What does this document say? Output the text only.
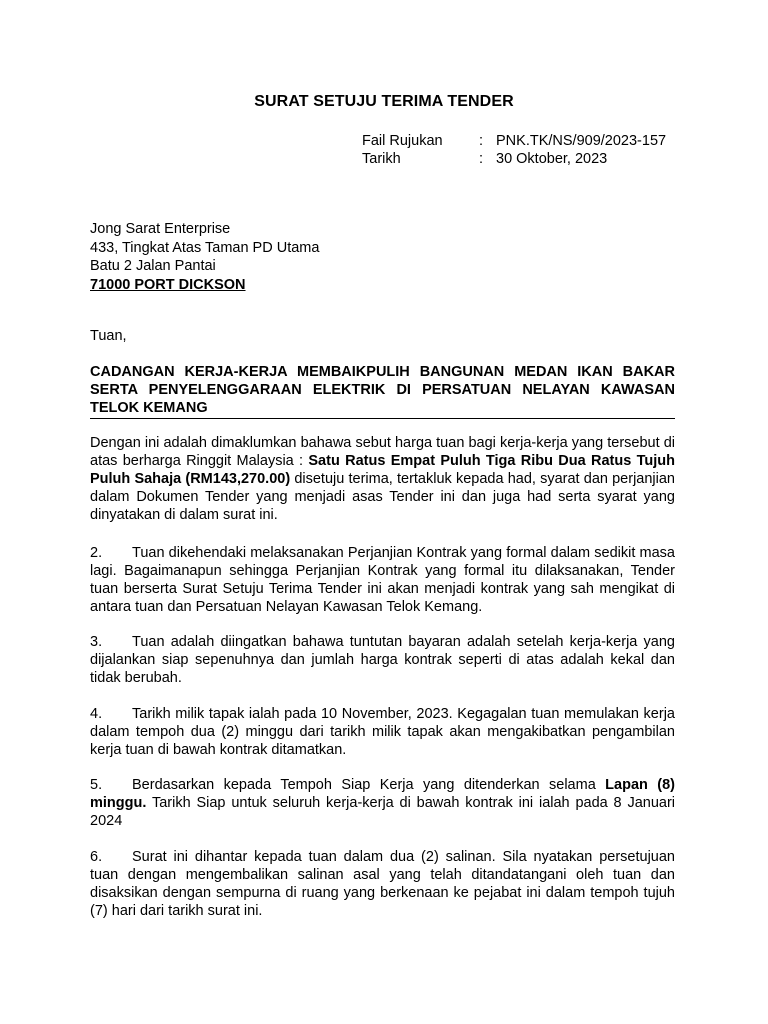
SURAT SETUJU TERIMA TENDER
Fail Rujukan	: PNK.TK/NS/909/2023-157
Tarikh	: 30 Oktober, 2023
Jong Sarat Enterprise
433, Tingkat Atas Taman PD Utama
Batu 2 Jalan Pantai
71000 PORT DICKSON
Tuan,
CADANGAN KERJA-KERJA MEMBAIKPULIH BANGUNAN MEDAN IKAN BAKAR SERTA PENYELENGGARAAN ELEKTRIK DI PERSATUAN NELAYAN KAWASAN TELOK KEMANG

Dengan ini adalah dimaklumkan bahawa sebut harga tuan bagi kerja-kerja yang tersebut di atas berharga Ringgit Malaysia : Satu Ratus Empat Puluh Tiga Ribu Dua Ratus Tujuh Puluh Sahaja (RM143,270.00) disetuju terima, tertakluk kepada had, syarat dan perjanjian dalam Dokumen Tender yang menjadi asas Tender ini dan juga had serta syarat yang dinyatakan di dalam surat ini.

2. Tuan dikehendaki melaksanakan Perjanjian Kontrak yang formal dalam sedikit masa lagi. Bagaimanapun sehingga Perjanjian Kontrak yang formal itu dilaksanakan, Tender tuan berserta Surat Setuju Terima Tender ini akan menjadi kontrak yang sah mengikat di antara tuan dan Persatuan Nelayan Kawasan Telok Kemang.

3. Tuan adalah diingatkan bahawa tuntutan bayaran adalah setelah kerja-kerja yang dijalankan siap sepenuhnya dan jumlah harga kontrak seperti di atas adalah kekal dan tidak berubah.

4. Tarikh milik tapak ialah pada 10 November, 2023. Kegagalan tuan memulakan kerja dalam tempoh dua (2) minggu dari tarikh milik tapak akan mengakibatkan pengambilan kerja tuan di bawah kontrak ditamatkan.

5. Berdasarkan kepada Tempoh Siap Kerja yang ditenderkan selama Lapan (8) minggu. Tarikh Siap untuk seluruh kerja-kerja di bawah kontrak ini ialah pada 8 Januari 2024

6. Surat ini dihantar kepada tuan dalam dua (2) salinan. Sila nyatakan persetujuan tuan dengan mengembalikan salinan asal yang telah ditandatangani oleh tuan dan disaksikan dengan sempurna di ruang yang berkenaan ke pejabat ini dalam tempoh tujuh (7) hari dari tarikh surat ini.
